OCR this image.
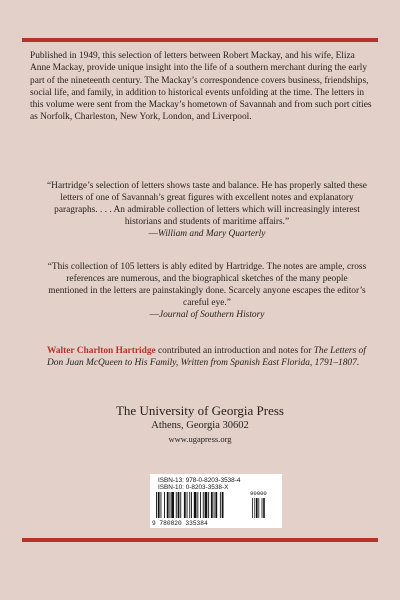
Published in 1949, this selection of letters between Robert Mackay, and his wife, Eliza Anne Mackay, provide unique insight into the life of a southern merchant during the early part of the nineteenth century. The Mackay’s correspondence covers business, friendships, social life, and family, in addition to historical events unfolding at the time. The letters in this volume were sent from the Mackay’s hometown of Savannah and from such port cities as Norfolk, Charleston, New York, London, and Liverpool.

“Hartridge’s selection of letters shows taste and balance. He has properly salted these letters of one of Savannah’s great figures with excellent notes and explanatory paragraphs. . . . An admirable collection of letters which will increasingly interest historians and students of maritime affairs.”

—William and Mary Quarterly

“This collection of 105 letters is ably edited by Hartridge. The notes are ample, cross references are numerous, and the biographical sketches of the many people mentioned in the letters are painstakingly done. Scarcely anyone escapes the editor’s careful eye.”

—Journal of Southern History
Walter Charlton Hartridge contributed an introduction and notes for The Letters of Don Juan McQueen to His Family, Written from Spanish East Florida, 1791–1807.
The University of Georgia Press
Athens, Georgia 30602
www.ugapress.org
ISBN-13: 978-0-8203-3538-4
ISBN-10: 0-8203-3538-X
90000
9 780820 335384
